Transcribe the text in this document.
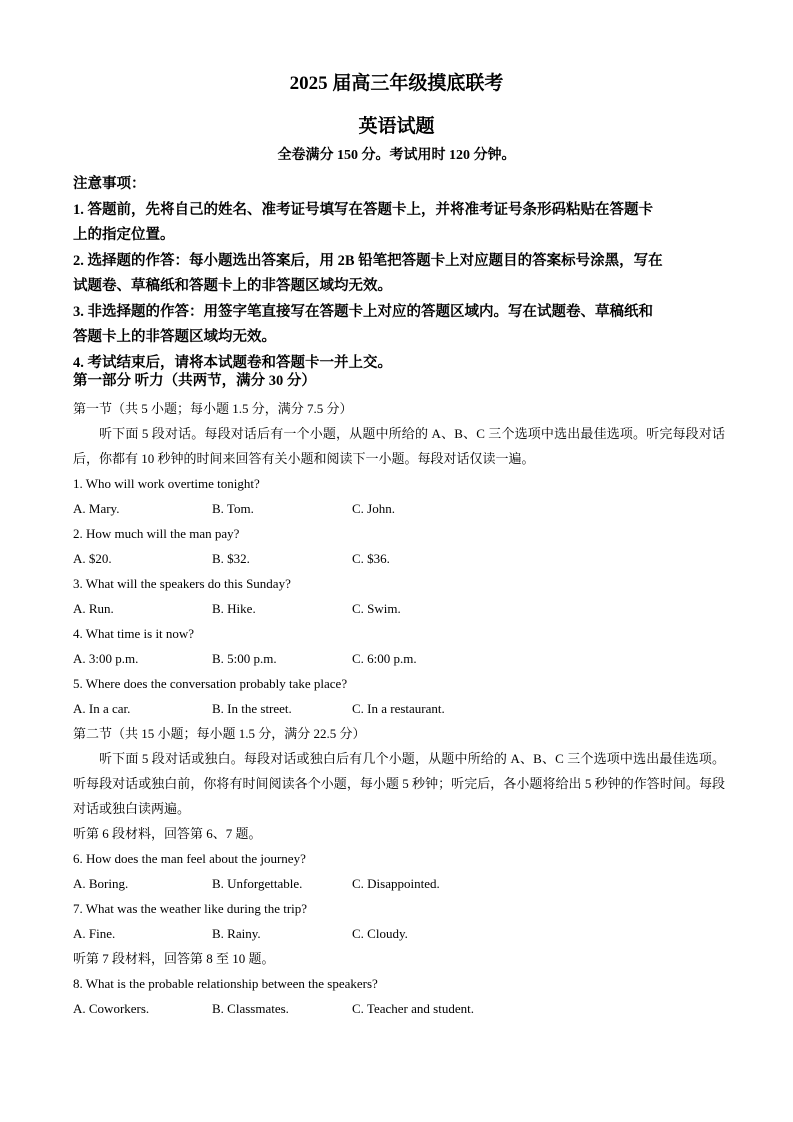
2025 届高三年级摸底联考
英语试题
全卷满分 150 分。考试用时 120 分钟。
注意事项：
1. 答题前，先将自己的姓名、准考证号填写在答题卡上，并将准考证号条形码粘贴在答题卡
上的指定位置。
2. 选择题的作答：每小题选出答案后，用 2B 铅笔把答题卡上对应题目的答案标号涂黑，写在
试题卷、草稿纸和答题卡上的非答题区域均无效。
3. 非选择题的作答：用签字笔直接写在答题卡上对应的答题区域内。写在试题卷、草稿纸和
答题卡上的非答题区域均无效。
4. 考试结束后，请将本试题卷和答题卡一并上交。
第一部分 听力（共两节，满分 30 分）
第一节（共 5 小题；每小题 1.5 分，满分 7.5 分）
听下面 5 段对话。每段对话后有一个小题，从题中所给的 A、B、C 三个选项中选出最佳选项。听完每段对话后，你都有 10 秒钟的时间来回答有关小题和阅读下一小题。每段对话仅读一遍。
1. Who will work overtime tonight?
A. Mary.	B. Tom.	C. John.
2. How much will the man pay?
A. $20.	B. $32.	C. $36.
3. What will the speakers do this Sunday?
A. Run.	B. Hike.	C. Swim.
4. What time is it now?
A. 3:00 p.m.	B. 5:00 p.m.	C. 6:00 p.m.
5. Where does the conversation probably take place?
A. In a car.	B. In the street.	C. In a restaurant.
第二节（共 15 小题；每小题 1.5 分，满分 22.5 分）
听下面 5 段对话或独白。每段对话或独白后有几个小题，从题中所给的 A、B、C 三个选项中选出最佳选项。听每段对话或独白前，你将有时间阅读各个小题，每小题 5 秒钟；听完后，各小题将给出 5 秒钟的作答时间。每段对话或独白读两遍。
听第 6 段材料，回答第 6、7 题。
6. How does the man feel about the journey?
A. Boring.	B. Unforgettable.	C. Disappointed.
7. What was the weather like during the trip?
A. Fine.	B. Rainy.	C. Cloudy.
听第 7 段材料，回答第 8 至 10 题。
8. What is the probable relationship between the speakers?
A. Coworkers.	B. Classmates.	C. Teacher and student.
